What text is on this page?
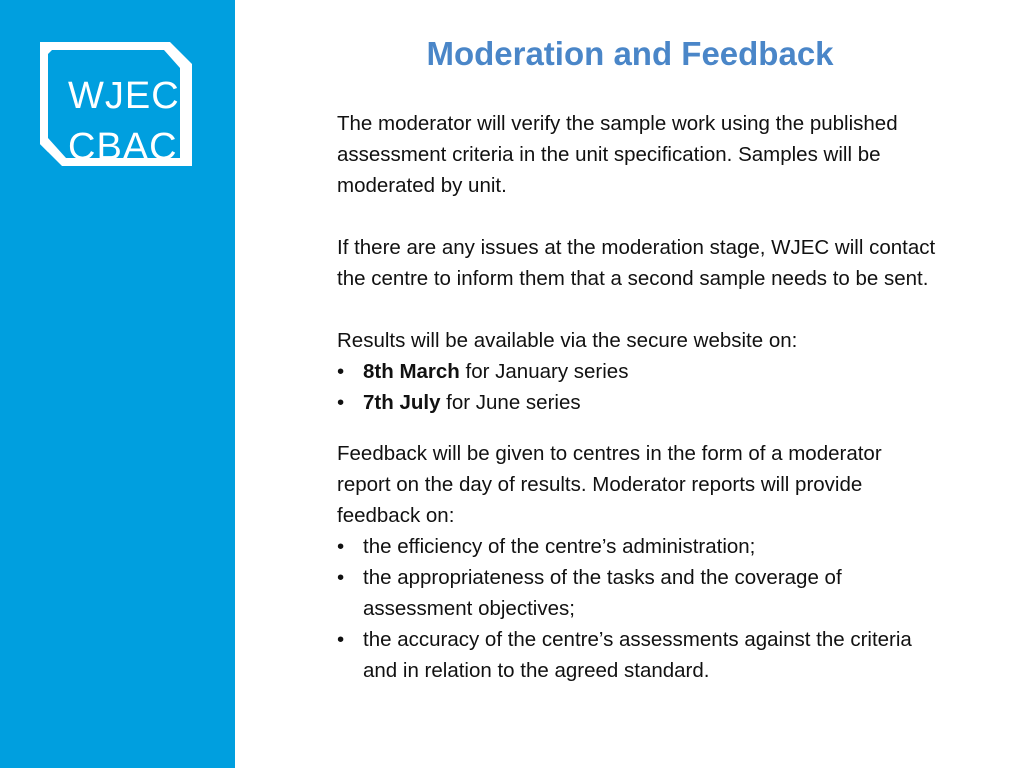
WJEC
CBAC
Moderation and Feedback

The moderator will verify the sample work using the published assessment criteria in the unit specification. Samples will be moderated by unit.

If there are any issues at the moderation stage, WJEC will contact the centre to inform them that a second sample needs to be sent.

Results will be available via the secure website on:

• 8th March for January series
• 7th July for June series

Feedback will be given to centres in the form of a moderator report on the day of results. Moderator reports will provide feedback on:

• the efficiency of the centre’s administration;
• the appropriateness of the tasks and the coverage of assessment objectives;
• the accuracy of the centre’s assessments against the criteria and in relation to the agreed standard.
